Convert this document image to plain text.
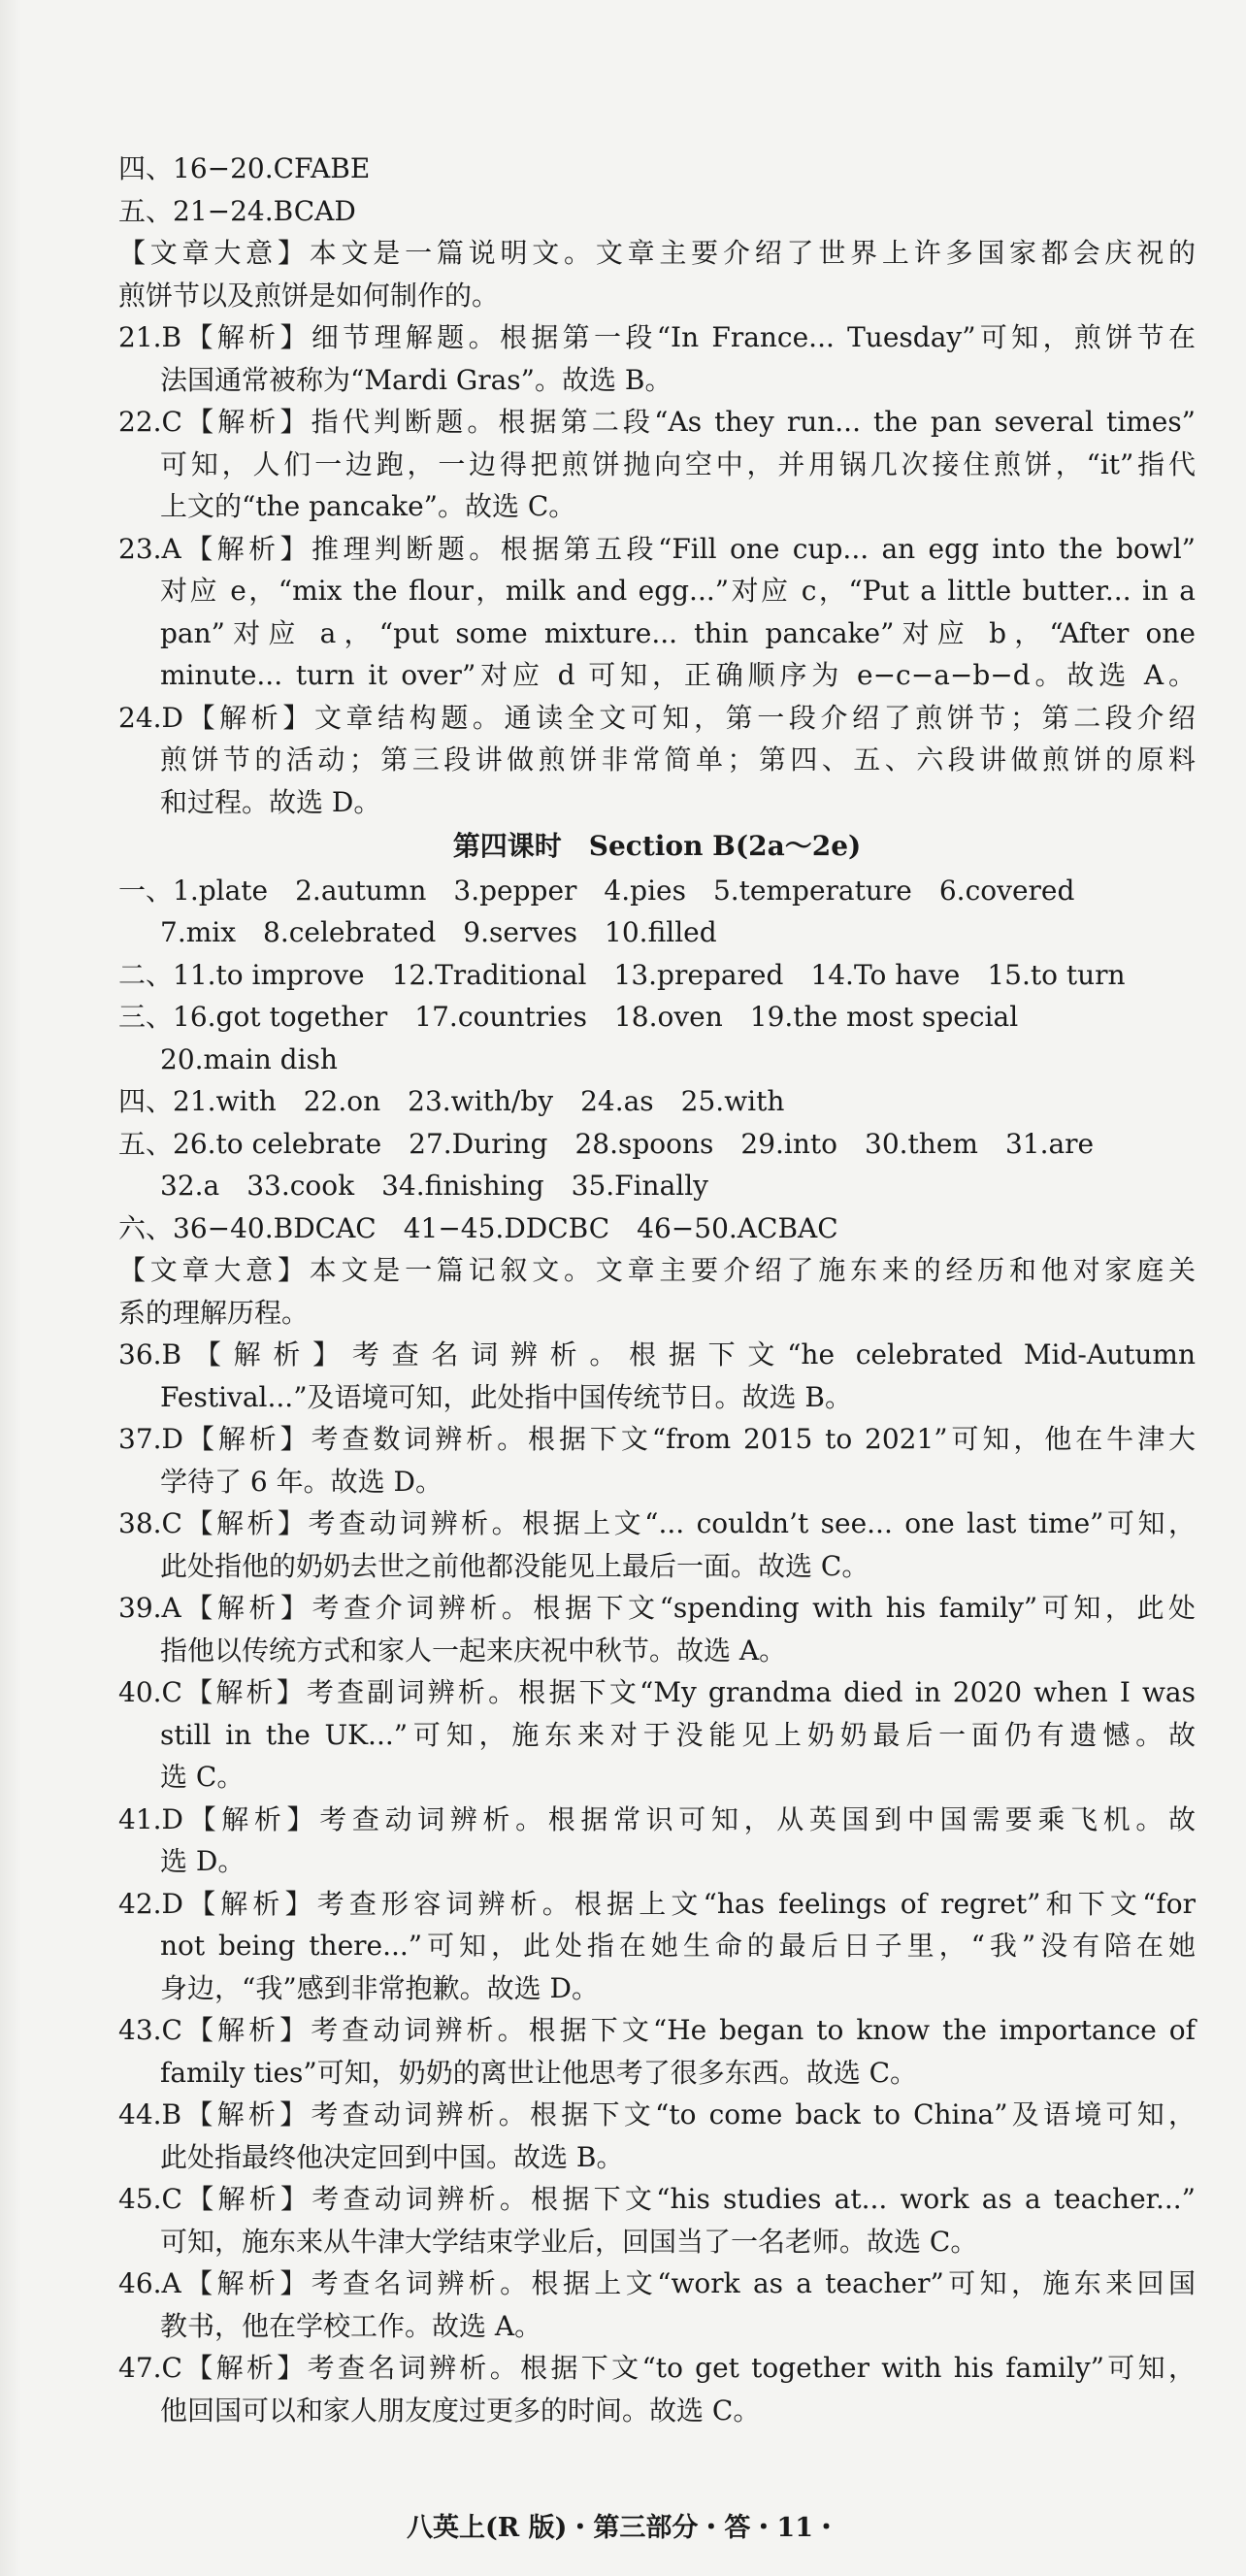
四、16−20.CFABE
五、21−24.BCAD
【文章大意】本文是一篇说明文。文章主要介绍了世界上许多国家都会庆祝的
煎饼节以及煎饼是如何制作的。
21.B【解析】细节理解题。根据第一段“In France... Tuesday”可知，煎饼节在
法国通常被称为“Mardi Gras”。故选 B。
22.C【解析】指代判断题。根据第二段“As they run... the pan several times”
可知，人们一边跑，一边得把煎饼抛向空中，并用锅几次接住煎饼，“it”指代
上文的“the pancake”。故选 C。
23.A【解析】推理判断题。根据第五段“Fill one cup... an egg into the bowl”
对应 e，“mix the flour，milk and egg...”对应 c，“Put a little butter... in a
pan”对应 a，“put some mixture... thin pancake”对应 b，“After one
minute... turn it over”对应 d 可知，正确顺序为 e−c−a−b−d。故选 A。
24.D【解析】文章结构题。通读全文可知，第一段介绍了煎饼节；第二段介绍
煎饼节的活动；第三段讲做煎饼非常简单；第四、五、六段讲做煎饼的原料
和过程。故选 D。
第四课时　Section B(2a～2e)
一、1.plate　2.autumn　3.pepper　4.pies　5.temperature　6.covered
7.mix　8.celebrated　9.serves　10.filled
二、11.to improve　12.Traditional　13.prepared　14.To have　15.to turn
三、16.got together　17.countries　18.oven　19.the most special
20.main dish
四、21.with　22.on　23.with/by　24.as　25.with
五、26.to celebrate　27.During　28.spoons　29.into　30.them　31.are
32.a　33.cook　34.finishing　35.Finally
六、36−40.BDCAC　41−45.DDCBC　46−50.ACBAC
【文章大意】本文是一篇记叙文。文章主要介绍了施东来的经历和他对家庭关
系的理解历程。
36.B【解析】考查名词辨析。根据下文“he celebrated Mid-Autumn
Festival...”及语境可知，此处指中国传统节日。故选 B。
37.D【解析】考查数词辨析。根据下文“from 2015 to 2021”可知，他在牛津大
学待了 6 年。故选 D。
38.C【解析】考查动词辨析。根据上文“... couldn’t see... one last time”可知，
此处指他的奶奶去世之前他都没能见上最后一面。故选 C。
39.A【解析】考查介词辨析。根据下文“spending with his family”可知，此处
指他以传统方式和家人一起来庆祝中秋节。故选 A。
40.C【解析】考查副词辨析。根据下文“My grandma died in 2020 when I was
still in the UK...”可知，施东来对于没能见上奶奶最后一面仍有遗憾。故
选 C。
41.D【解析】考查动词辨析。根据常识可知，从英国到中国需要乘飞机。故
选 D。
42.D【解析】考查形容词辨析。根据上文“has feelings of regret”和下文“for
not being there...”可知，此处指在她生命的最后日子里，“我”没有陪在她
身边，“我”感到非常抱歉。故选 D。
43.C【解析】考查动词辨析。根据下文“He began to know the importance of
family ties”可知，奶奶的离世让他思考了很多东西。故选 C。
44.B【解析】考查动词辨析。根据下文“to come back to China”及语境可知，
此处指最终他决定回到中国。故选 B。
45.C【解析】考查动词辨析。根据下文“his studies at... work as a teacher...”
可知，施东来从牛津大学结束学业后，回国当了一名老师。故选 C。
46.A【解析】考查名词辨析。根据上文“work as a teacher”可知，施东来回国
教书，他在学校工作。故选 A。
47.C【解析】考查名词辨析。根据下文“to get together with his family”可知，
他回国可以和家人朋友度过更多的时间。故选 C。
八英上(R 版)・第三部分・答・11・
